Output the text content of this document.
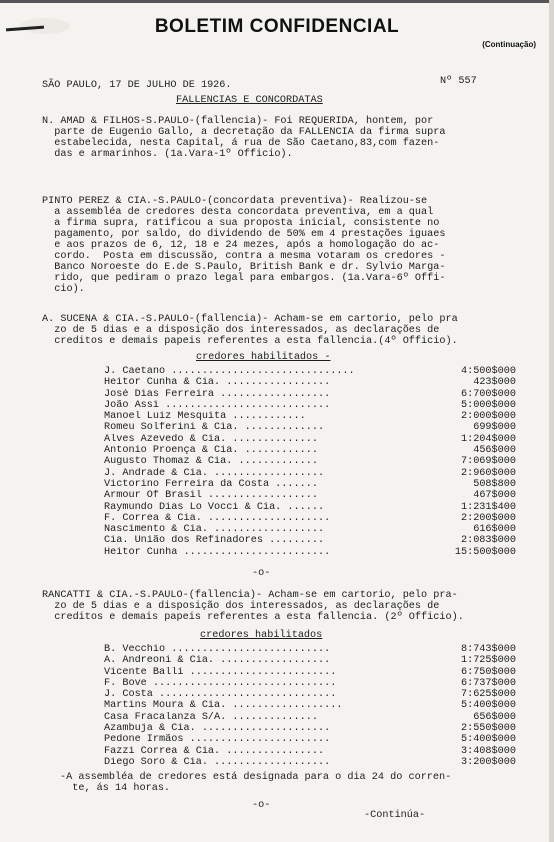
BOLETIM CONFIDENCIAL
(Continuação)
SÃO PAULO, 17 DE JULHO DE 1926.	Nº 557
FALLENCIAS E CONCORDATAS
N. AMAD & FILHOS-S.PAULO-(fallencia)- Foi REQUERIDA, hontem, por
parte de Eugenio Gallo, a decretação da FALLENCIA da firma supra
estabelecida, nesta Capital, á rua de São Caetano,83,com fazen-
das e armarinhos. (1a.Vara-1º Officio).
PINTO PEREZ & CIA.-S.PAULO-(concordata preventiva)- Realizou-se
a assembléa de credores desta concordata preventiva, em a qual
a firma supra, ratificou a sua proposta inicial, consistente no
pagamento, por saldo, do dividendo de 50% em 4 prestações iguaes
e aos prazos de 6, 12, 18 e 24 mezes, após a homologação do ac-
cordo.  Posta em discussão, contra a mesma votaram os credores -
Banco Noroeste do E.de S.Paulo, British Bank e dr. Sylvio Marga-
rido, que pediram o prazo legal para embargos. (1a.Vara-6º Offi-
cio).
A. SUCENA & CIA.-S.PAULO-(fallencia)- Acham-se em cartorio, pelo pra
zo de 5 dias e a disposição dos interessados, as declarações de
creditos e demais papeis referentes a esta fallencia.(4º Officio).
credores habilitados -
J. Caetano ..............................	4:500$000
Heitor Cunha & Cia. .................	423$000
José Dias Ferreira ..................	6:700$000
João Assi ...........................	5:000$000
Manoel Luiz Mesquita ............	2:000$000
Romeu Solferini & Cia. .............	699$000
Alves Azevedo & Cia. ..............	1:204$000
Antonio Proença & Cia. ............	456$000
Augusto Thomaz & Cia. .............	7:069$000
J. Andrade & Cia. ..................	2:960$000
Victorino Ferreira da Costa .......	508$800
Armour Of Brasil ..................	467$000
Raymundo Dias Lo Vocci & Cia. ......	1:231$400
F. Correa & Cia. ....................	2:200$000
Nascimento & Cia. ..................	616$000
Cia. União dos Refinadores .........	2:083$000
Heitor Cunha ........................	15:500$000
-o-
RANCATTI & CIA.-S.PAULO-(fallencia)- Acham-se em cartorio, pelo pra-
zo de 5 dias e a disposição dos interessados, as declarações de
creditos e demais papeis referentes a esta fallencia. (2º Officio).
credores habilitados
B. Vecchio ..........................	8:743$000
A. Andreoni & Cia. ..................	1:725$000
Vicente Balli ........................	6:750$000
F. Bove ..............................	6:737$000
J. Costa .............................	7:625$000
Martins Moura & Cia. ..................	5:400$000
Casa Fracalanza S/A. ..............	656$000
Azambuja & Cia. .....................	2:550$000
Pedone Irmãos .......................	5:400$000
Fazzi Correa & Cia. ................	3:408$000
Diego Soro & Cia. ...................	3:200$000
-A assembléa de credores está designada para o dia 24 do corren-
te, ás 14 horas.
-o-
-Continúa-
